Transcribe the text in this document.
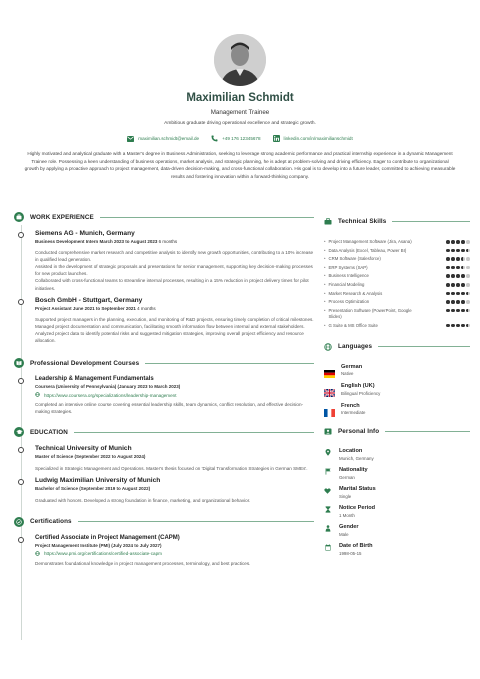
Maximilian Schmidt
Management Trainee
Ambitious graduate driving operational excellence and strategic growth.
maximilian.schmidt@email.de	+49 176 12345678	linkedin.com/in/maximilianschmidt
Highly motivated and analytical graduate with a Master's degree in Business Administration, seeking to leverage strong academic performance and practical internship experience in a dynamic Management Trainee role. Possessing a keen understanding of business operations, market analysis, and strategic planning, he is adept at problem-solving and driving efficiency. Eager to contribute to organizational growth by applying a proactive approach to project management, data-driven decision-making, and cross-functional collaboration. His goal is to develop into a future leader, committed to achieving measurable results and fostering innovation within a forward-thinking company.
WORK EXPERIENCE
Siemens AG - Munich, Germany
Business Development Intern March 2023 to August 2023 6 months
Conducted comprehensive market research and competitive analysis to identify new growth opportunities, contributing to a 10% increase in qualified lead generation.
Assisted in the development of strategic proposals and presentations for senior management, supporting key decision-making processes for new product launches.
Collaborated with cross-functional teams to streamline internal processes, resulting in a 15% reduction in project delivery times for pilot initiatives.
Bosch GmbH - Stuttgart, Germany
Project Assistant June 2021 to September 2021 4 months
Supported project managers in the planning, execution, and monitoring of R&D projects, ensuring timely completion of critical milestones.
Managed project documentation and communication, facilitating smooth information flow between internal and external stakeholders.
Analyzed project data to identify potential risks and suggested mitigation strategies, improving overall project efficiency and resource allocation.
Professional Development Courses
Leadership & Management Fundamentals
Coursera (University of Pennsylvania) (January 2023 to March 2023)
https://www.coursera.org/specializations/leadership-management
Completed an intensive online course covering essential leadership skills, team dynamics, conflict resolution, and effective decision-making strategies.
EDUCATION
Technical University of Munich
Master of Science (September 2022 to August 2024)
Specialized in Strategic Management and Operations. Master's thesis focused on 'Digital Transformation Strategies in German SMEs'.
Ludwig Maximilian University of Munich
Bachelor of Science (September 2019 to August 2022)
Graduated with honors. Developed a strong foundation in finance, marketing, and organizational behavior.
Certifications
Certified Associate in Project Management (CAPM)
Project Management Institute (PMI) (July 2024 to July 2027)
https://www.pmi.org/certifications/certified-associate-capm
Demonstrates foundational knowledge in project management processes, terminology, and best practices.
Technical Skills
• Project Management Software (Jira, Asana)
• Data Analysis (Excel, Tableau, Power BI)
• CRM Software (Salesforce)
• ERP Systems (SAP)
• Business Intelligence
• Financial Modeling
• Market Research & Analysis
• Process Optimization
• Presentation Software (PowerPoint, Google Slides)
• G Suite & MS Office Suite
Languages
German
Native
English (UK)
Bilingual Proficiency
French
Intermediate
Personal Info
Location
Munich, Germany
Nationality
German
Marital Status
Single
Notice Period
1 Month
Gender
Male
Date of Birth
1998-05-15
